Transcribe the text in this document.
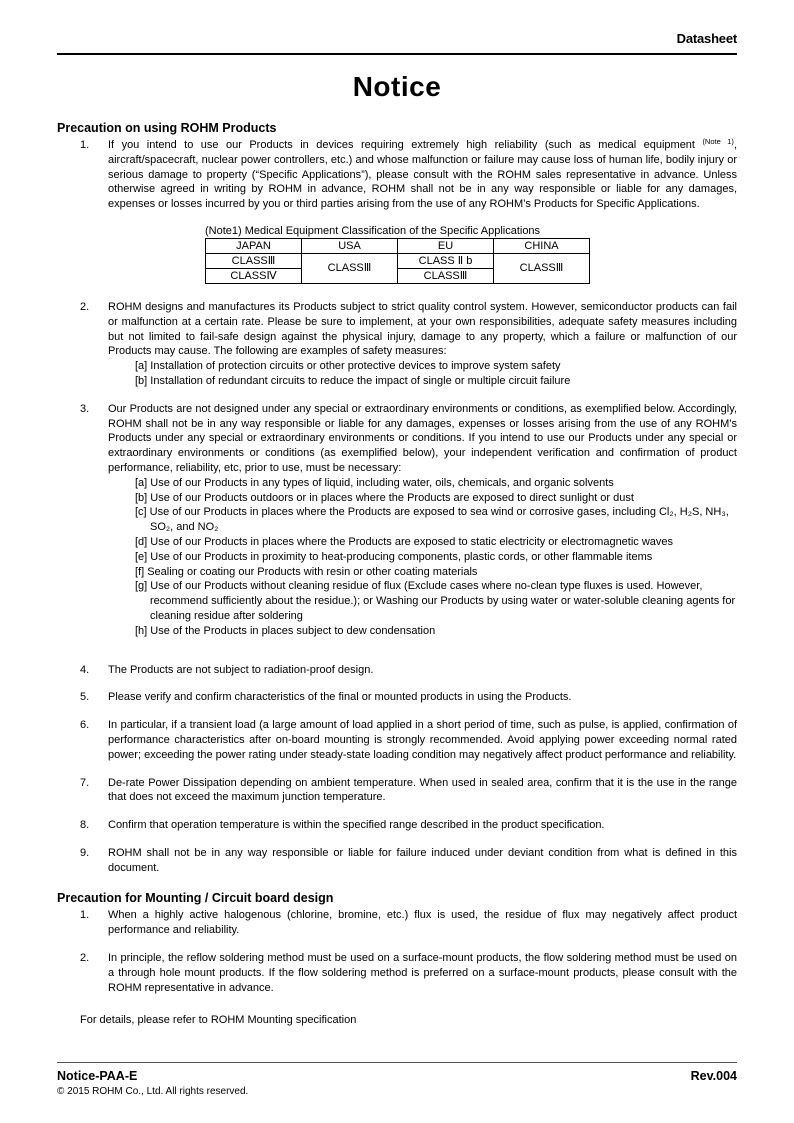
Datasheet
Notice
Precaution on using ROHM Products
1.	If you intend to use our Products in devices requiring extremely high reliability (such as medical equipment $^{(Note 1)}$, aircraft/spacecraft, nuclear power controllers, etc.) and whose malfunction or failure may cause loss of human life, bodily injury or serious damage to property (“Specific Applications”), please consult with the ROHM sales representative in advance. Unless otherwise agreed in writing by ROHM in advance, ROHM shall not be in any way responsible or liable for any damages, expenses or losses incurred by you or third parties arising from the use of any ROHM’s Products for Specific Applications.
(Note1) Medical Equipment Classification of the Specific Applications
JAPAN	USA	EU	CHINA
CLASSⅢ	CLASSⅢ	CLASS Ⅱ b	CLASSⅢ
CLASSⅣ		CLASSⅢ	
2.	ROHM designs and manufactures its Products subject to strict quality control system. However, semiconductor products can fail or malfunction at a certain rate. Please be sure to implement, at your own responsibilities, adequate safety measures including but not limited to fail-safe design against the physical injury, damage to any property, which a failure or malfunction of our Products may cause. The following are examples of safety measures:
[a] Installation of protection circuits or other protective devices to improve system safety
[b] Installation of redundant circuits to reduce the impact of single or multiple circuit failure
3.	Our Products are not designed under any special or extraordinary environments or conditions, as exemplified below. Accordingly, ROHM shall not be in any way responsible or liable for any damages, expenses or losses arising from the use of any ROHM’s Products under any special or extraordinary environments or conditions. If you intend to use our Products under any special or extraordinary environments or conditions (as exemplified below), your independent verification and confirmation of product performance, reliability, etc, prior to use, must be necessary:
[a] Use of our Products in any types of liquid, including water, oils, chemicals, and organic solvents
[b] Use of our Products outdoors or in places where the Products are exposed to direct sunlight or dust
[c] Use of our Products in places where the Products are exposed to sea wind or corrosive gases, including Cl₂, H₂S, NH₃, SO₂, and NO₂
[d] Use of our Products in places where the Products are exposed to static electricity or electromagnetic waves
[e] Use of our Products in proximity to heat-producing components, plastic cords, or other flammable items
[f] Sealing or coating our Products with resin or other coating materials
[g] Use of our Products without cleaning residue of flux (Exclude cases where no-clean type fluxes is used. However, recommend sufficiently about the residue.); or Washing our Products by using water or water-soluble cleaning agents for cleaning residue after soldering
[h] Use of the Products in places subject to dew condensation
4.	The Products are not subject to radiation-proof design.
5.	Please verify and confirm characteristics of the final or mounted products in using the Products.
6.	In particular, if a transient load (a large amount of load applied in a short period of time, such as pulse, is applied, confirmation of performance characteristics after on-board mounting is strongly recommended. Avoid applying power exceeding normal rated power; exceeding the power rating under steady-state loading condition may negatively affect product performance and reliability.
7.	De-rate Power Dissipation depending on ambient temperature. When used in sealed area, confirm that it is the use in the range that does not exceed the maximum junction temperature.
8.	Confirm that operation temperature is within the specified range described in the product specification.
9.	ROHM shall not be in any way responsible or liable for failure induced under deviant condition from what is defined in this document.
Precaution for Mounting / Circuit board design
1.	When a highly active halogenous (chlorine, bromine, etc.) flux is used, the residue of flux may negatively affect product performance and reliability.
2.	In principle, the reflow soldering method must be used on a surface-mount products, the flow soldering method must be used on a through hole mount products. If the flow soldering method is preferred on a surface-mount products, please consult with the ROHM representative in advance.
For details, please refer to ROHM Mounting specification
Notice-PAA-E	Rev.004
© 2015 ROHM Co., Ltd. All rights reserved.
